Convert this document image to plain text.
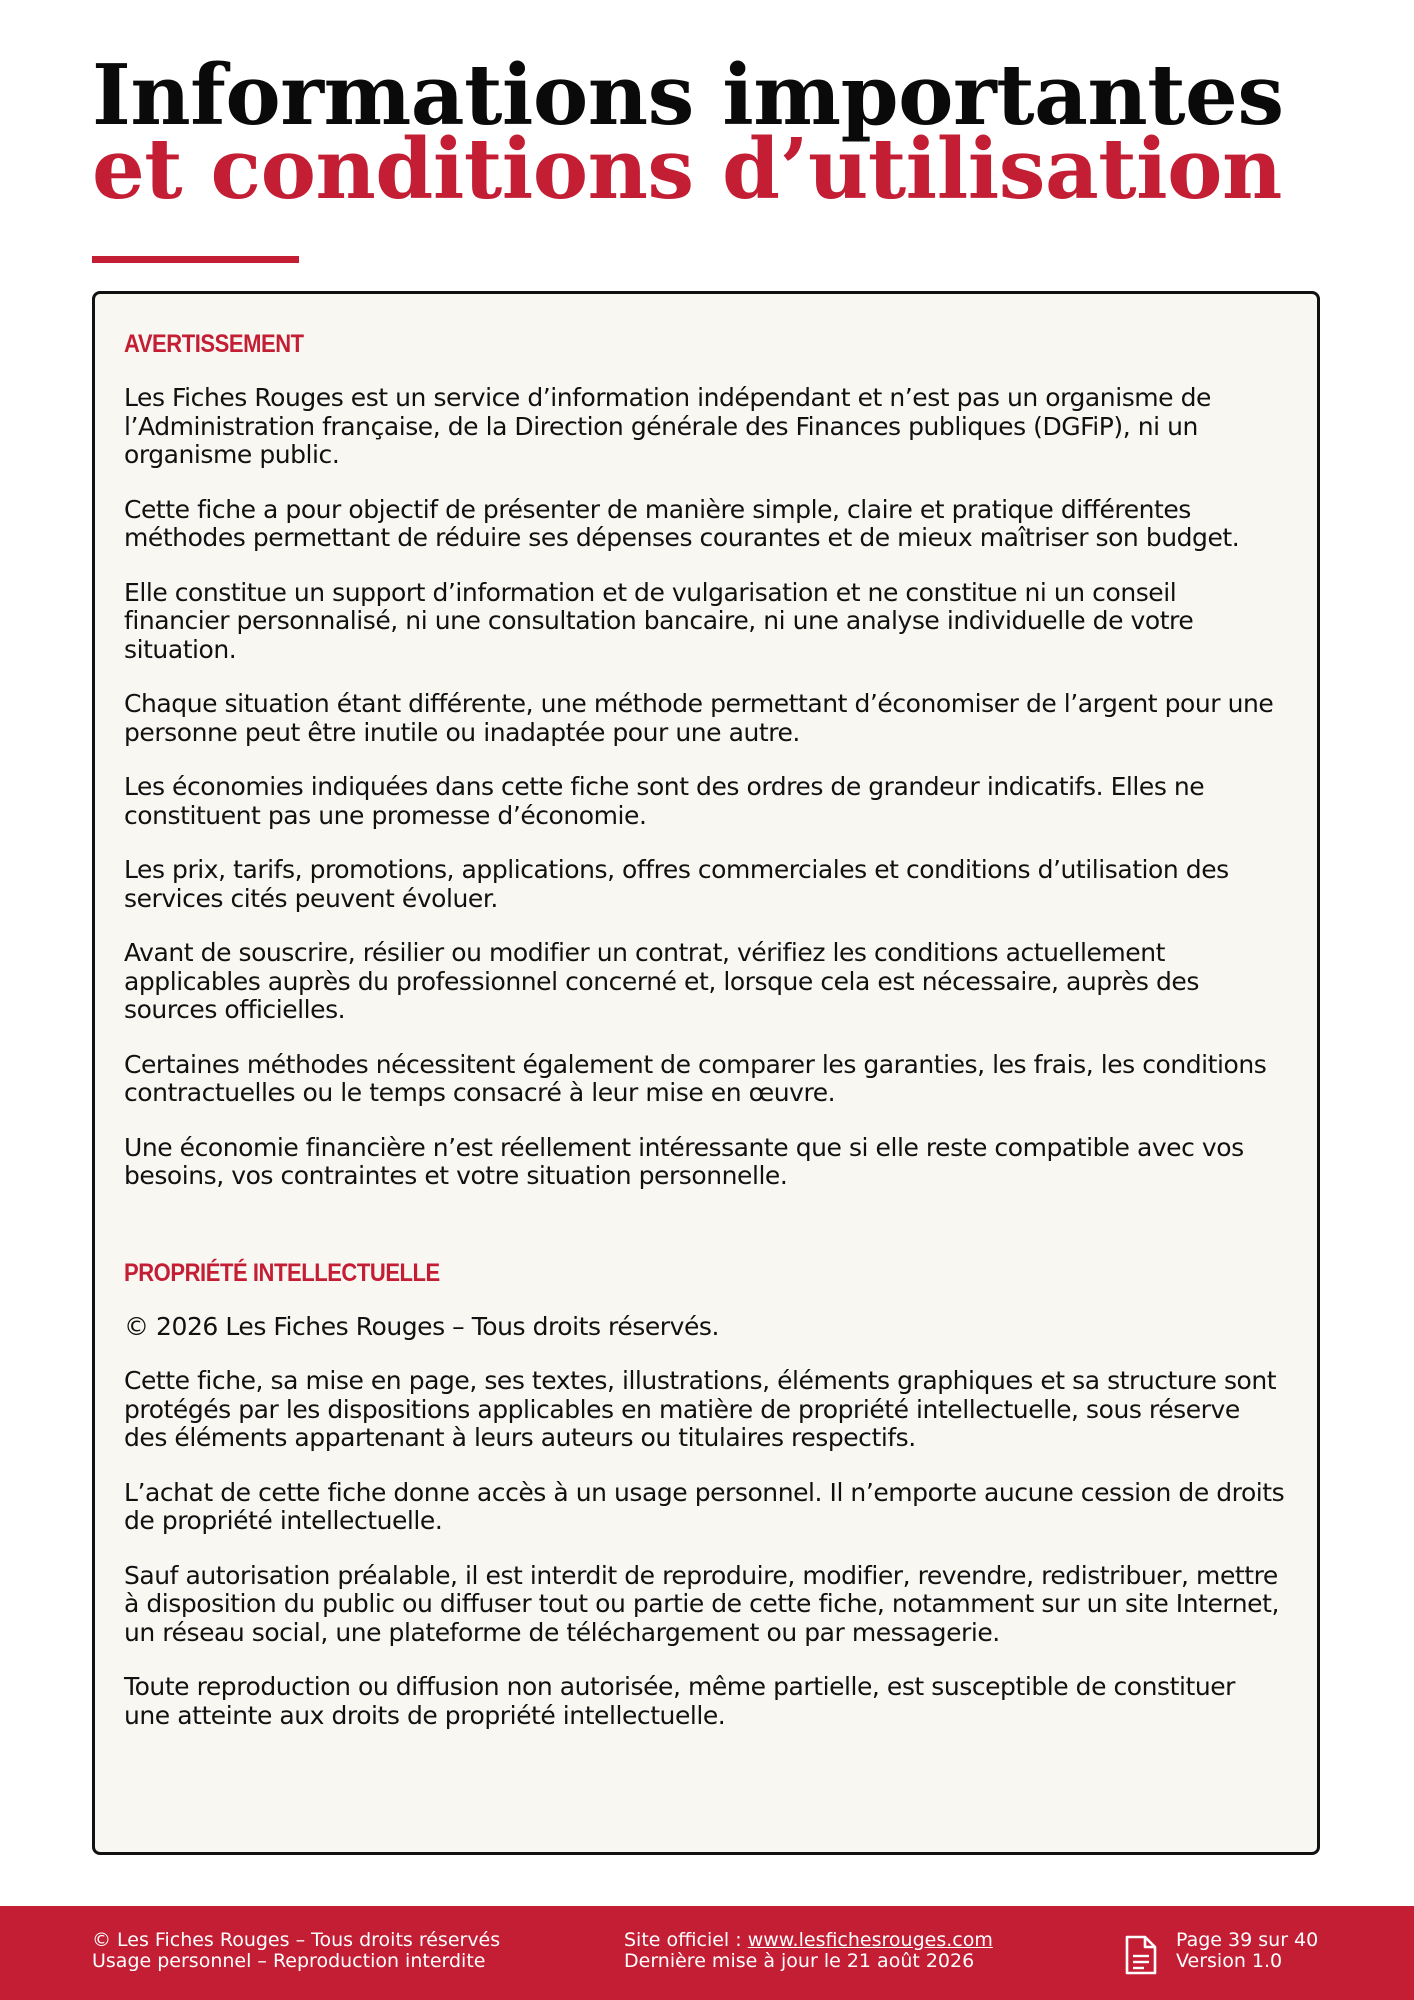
Informations importantes
et conditions d’utilisation
AVERTISSEMENT

Les Fiches Rouges est un service d’information indépendant et n’est pas un organisme de l’Administration française, de la Direction générale des Finances publiques (DGFiP), ni un organisme public.

Cette fiche a pour objectif de présenter de manière simple, claire et pratique différentes méthodes permettant de réduire ses dépenses courantes et de mieux maîtriser son budget.

Elle constitue un support d’information et de vulgarisation et ne constitue ni un conseil financier personnalisé, ni une consultation bancaire, ni une analyse individuelle de votre situation.

Chaque situation étant différente, une méthode permettant d’économiser de l’argent pour une personne peut être inutile ou inadaptée pour une autre.

Les économies indiquées dans cette fiche sont des ordres de grandeur indicatifs. Elles ne constituent pas une promesse d’économie.

Les prix, tarifs, promotions, applications, offres commerciales et conditions d’utilisation des services cités peuvent évoluer.

Avant de souscrire, résilier ou modifier un contrat, vérifiez les conditions actuellement applicables auprès du professionnel concerné et, lorsque cela est nécessaire, auprès des sources officielles.

Certaines méthodes nécessitent également de comparer les garanties, les frais, les conditions contractuelles ou le temps consacré à leur mise en œuvre.

Une économie financière n’est réellement intéressante que si elle reste compatible avec vos besoins, vos contraintes et votre situation personnelle.

PROPRIÉTÉ INTELLECTUELLE

© 2026 Les Fiches Rouges – Tous droits réservés.

Cette fiche, sa mise en page, ses textes, illustrations, éléments graphiques et sa structure sont protégés par les dispositions applicables en matière de propriété intellectuelle, sous réserve des éléments appartenant à leurs auteurs ou titulaires respectifs.

L’achat de cette fiche donne accès à un usage personnel. Il n’emporte aucune cession de droits de propriété intellectuelle.

Sauf autorisation préalable, il est interdit de reproduire, modifier, revendre, redistribuer, mettre à disposition du public ou diffuser tout ou partie de cette fiche, notamment sur un site Internet, un réseau social, une plateforme de téléchargement ou par messagerie.

Toute reproduction ou diffusion non autorisée, même partielle, est susceptible de constituer une atteinte aux droits de propriété intellectuelle.

© Les Fiches Rouges – Tous droits réservés
Usage personnel – Reproduction interdite
Site officiel : www.lesfichesrouges.com
Dernière mise à jour le 21 août 2026
Page 39 sur 40
Version 1.0
